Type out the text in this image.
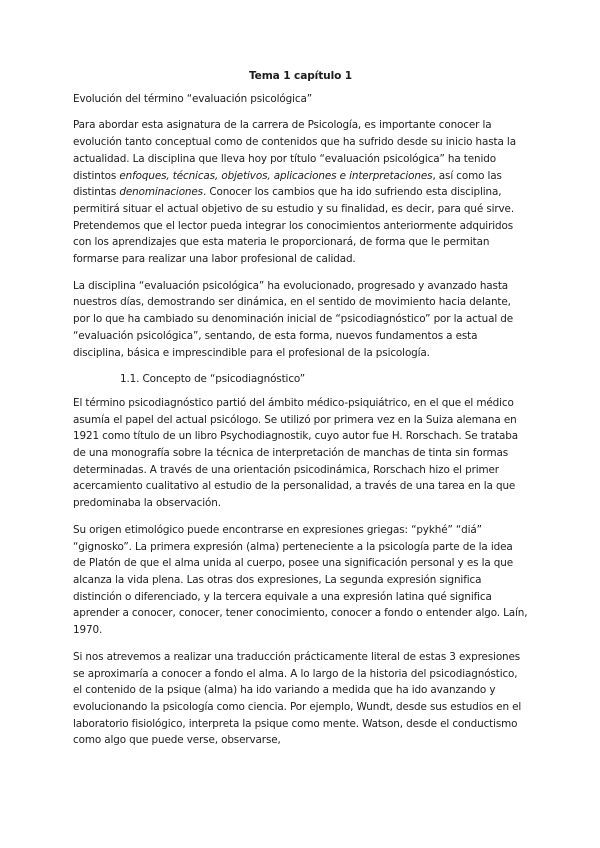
Tema 1 capítulo 1
Evolución del término “evaluación psicológica”

Para abordar esta asignatura de la carrera de Psicología, es importante conocer la evolución tanto conceptual como de contenidos que ha sufrido desde su inicio hasta la actualidad. La disciplina que lleva hoy por título “evaluación psicológica” ha tenido distintos enfoques, técnicas, objetivos, aplicaciones e interpretaciones, así como las distintas denominaciones. Conocer los cambios que ha ido sufriendo esta disciplina, permitirá situar el actual objetivo de su estudio y su finalidad, es decir, para qué sirve. Pretendemos que el lector pueda integrar los conocimientos anteriormente adquiridos con los aprendizajes que esta materia le proporcionará, de forma que le permitan formarse para realizar una labor profesional de calidad.

La disciplina “evaluación psicológica” ha evolucionado, progresado y avanzado hasta nuestros días, demostrando ser dinámica, en el sentido de movimiento hacia delante, por lo que ha cambiado su denominación inicial de “psicodiagnóstico” por la actual de “evaluación psicológica”, sentando, de esta forma, nuevos fundamentos a esta disciplina, básica e imprescindible para el profesional de la psicología.

1.1. Concepto de “psicodiagnóstico”

El término psicodiagnóstico partió del ámbito médico-psiquiátrico, en el que el médico asumía el papel del actual psicólogo. Se utilizó por primera vez en la Suiza alemana en 1921 como título de un libro Psychodiagnostik, cuyo autor fue H. Rorschach. Se trataba de una monografía sobre la técnica de interpretación de manchas de tinta sin formas determinadas. A través de una orientación psicodinámica, Rorschach hizo el primer acercamiento cualitativo al estudio de la personalidad, a través de una tarea en la que predominaba la observación.

Su origen etimológico puede encontrarse en expresiones griegas: “pykhé” “diá” “gignosko”. La primera expresión (alma) perteneciente a la psicología parte de la idea de Platón de que el alma unida al cuerpo, posee una significación personal y es la que alcanza la vida plena. Las otras dos expresiones, La segunda expresión significa distinción o diferenciado, y la tercera equivale a una expresión latina qué significa aprender a conocer, conocer, tener conocimiento, conocer a fondo o entender algo. Laín, 1970.

Si nos atrevemos a realizar una traducción prácticamente literal de estas 3 expresiones se aproximaría a conocer a fondo el alma. A lo largo de la historia del psicodiagnóstico, el contenido de la psique (alma) ha ido variando a medida que ha ido avanzando y evolucionando la psicología como ciencia. Por ejemplo, Wundt, desde sus estudios en el laboratorio fisiológico, interpreta la psique como mente. Watson, desde el conductismo como algo que puede verse, observarse,
